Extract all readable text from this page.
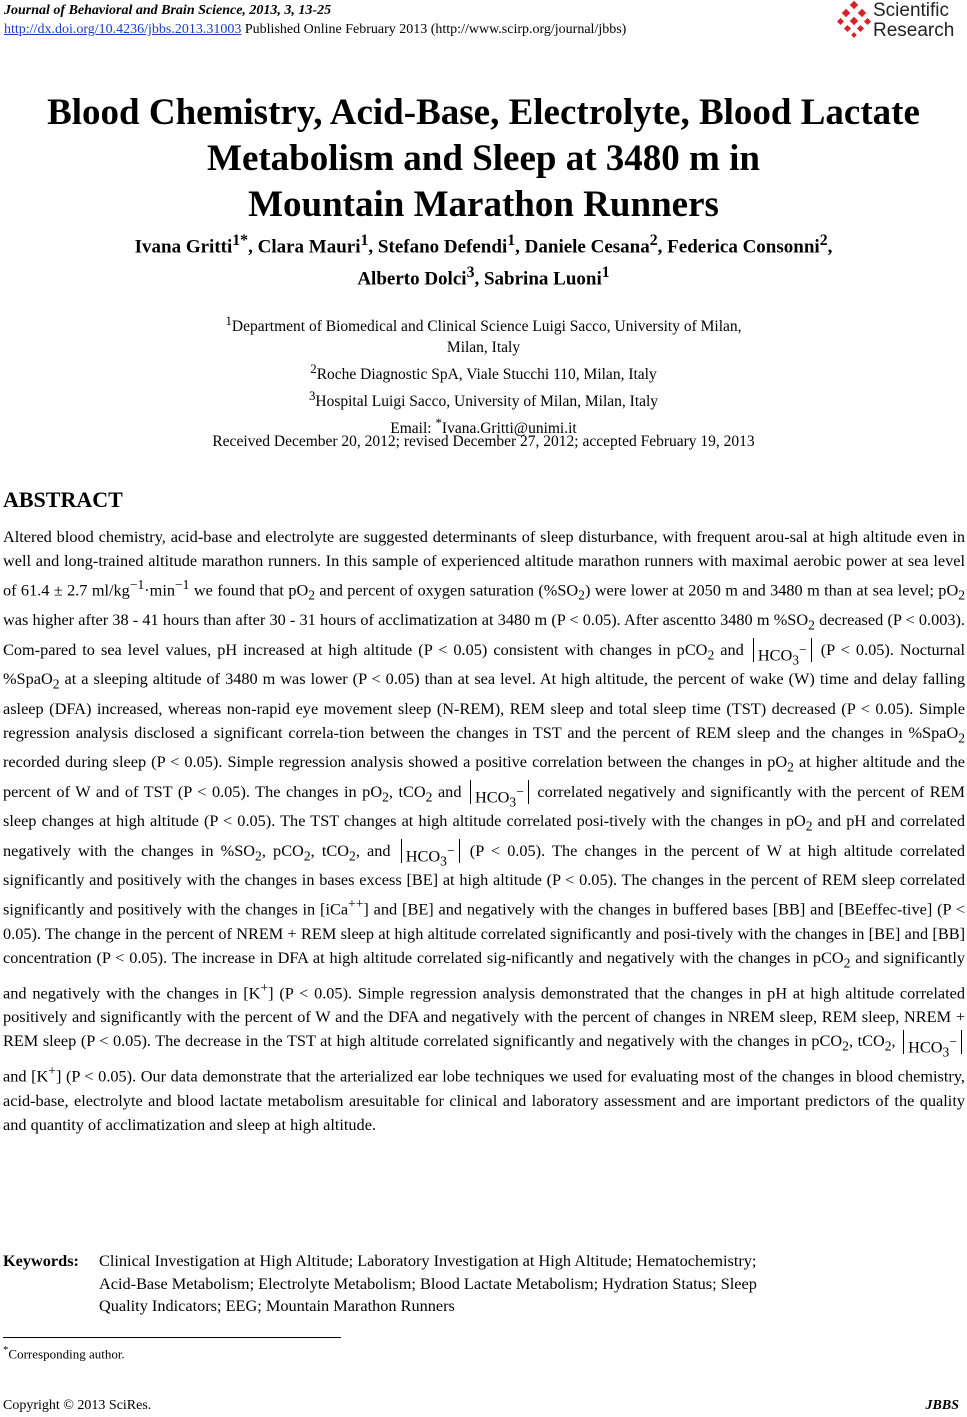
Journal of Behavioral and Brain Science, 2013, 3, 13-25
http://dx.doi.org/10.4236/jbbs.2013.31003 Published Online February 2013 (http://www.scirp.org/journal/jbbs)
Scientific
Research
Blood Chemistry, Acid-Base, Electrolyte, Blood Lactate
Metabolism and Sleep at 3480 m in
Mountain Marathon Runners
Ivana Gritti$^{1*}$, Clara Mauri$^1$, Stefano Defendi$^1$, Daniele Cesana$^2$, Federica Consonni$^2$,
Alberto Dolci$^3$, Sabrina Luoni$^1$
$^1$Department of Biomedical and Clinical Science Luigi Sacco, University of Milan,
Milan, Italy
$^2$Roche Diagnostic SpA, Viale Stucchi 110, Milan, Italy
$^3$Hospital Luigi Sacco, University of Milan, Milan, Italy
Email: *Ivana.Gritti@unimi.it
Received December 20, 2012; revised December 27, 2012; accepted February 19, 2013
ABSTRACT
Altered blood chemistry, acid-base and electrolyte are suggested determinants of sleep disturbance, with frequent arou-sal at high altitude even in well and long-trained altitude marathon runners. In this sample of experienced altitude marathon runners with maximal aerobic power at sea level of 61.4 ± 2.7 $ml/kg^{-1}\cdot\min^{-1}$ we found that $pO_2$ and percent of oxygen saturation $(\%SO_2)$ were lower at 2050 m and 3480 m than at sea level; $pO_2$ was higher after 38 - 41 hours than after 30 - 31 hours of acclimatization at 3480 m (P < 0.05). After ascentto 3480 m $\%SO_2$ decreased (P < 0.003). Com-pared to sea level values, pH increased at high altitude (P < 0.05) consistent with changes in pCO$_2$ and $HCO_3^-$ (P < 0.05). Nocturnal %SpaO$_2$ at a sleeping altitude of 3480 m was lower (P < 0.05) than at sea level. At high altitude, the percent of wake (W) time and delay falling asleep (DFA) increased, whereas non-rapid eye movement sleep (N-REM), REM sleep and total sleep time (TST) decreased (P < 0.05). Simple regression analysis disclosed a significant correla-tion between the changes in TST and the percent of REM sleep and the changes in %SpaO$_2$ recorded during sleep (P < 0.05). Simple regression analysis showed a positive correlation between the changes in $pO_2$ at higher altitude and the percent of W and of TST (P < 0.05). The changes in $pO_2$, tCO$_2$ and $HCO_3^-$ correlated negatively and significantly with the percent of REM sleep changes at high altitude (P < 0.05). The TST changes at high altitude correlated posi-tively with the changes in $pO_2$ and pH and correlated negatively with the changes in $\%SO_2$, pCO$_2$, tCO$_2$, and $HCO_3^-$ (P < 0.05). The changes in the percent of W at high altitude correlated significantly and positively with the changes in bases excess [BE] at high altitude (P < 0.05). The changes in the percent of REM sleep correlated significantly and positively with the changes in [iCa++] and [BE] and negatively with the changes in buffered bases [BB] and [BEeffec-tive] (P < 0.05). The change in the percent of NREM + REM sleep at high altitude correlated significantly and posi-tively with the changes in [BE] and [BB] concentration (P < 0.05). The increase in DFA at high altitude correlated sig-nificantly and negatively with the changes in pCO$_2$ and significantly and negatively with the changes in [K+] (P < 0.05). Simple regression analysis demonstrated that the changes in pH at high altitude correlated positively and significantly with the percent of W and the DFA and negatively with the percent of changes in NREM sleep, REM sleep, NREM + REM sleep (P < 0.05). The decrease in the TST at high altitude correlated significantly and negatively with the changes in pCO$_2$, tCO$_2$, $HCO_3^-$ and [K+] (P < 0.05). Our data demonstrate that the arterialized ear lobe techniques we used for evaluating most of the changes in blood chemistry, acid-base, electrolyte and blood lactate metabolism aresuitable for clinical and laboratory assessment and are important predictors of the quality and quantity of acclimatization and sleep at high altitude.
Keywords: Clinical Investigation at High Altitude; Laboratory Investigation at High Altitude; Hematochemistry;
Acid-Base Metabolism; Electrolyte Metabolism; Blood Lactate Metabolism; Hydration Status; Sleep
Quality Indicators; EEG; Mountain Marathon Runners
*Corresponding author.
Copyright © 2013 SciRes.	JBBS
